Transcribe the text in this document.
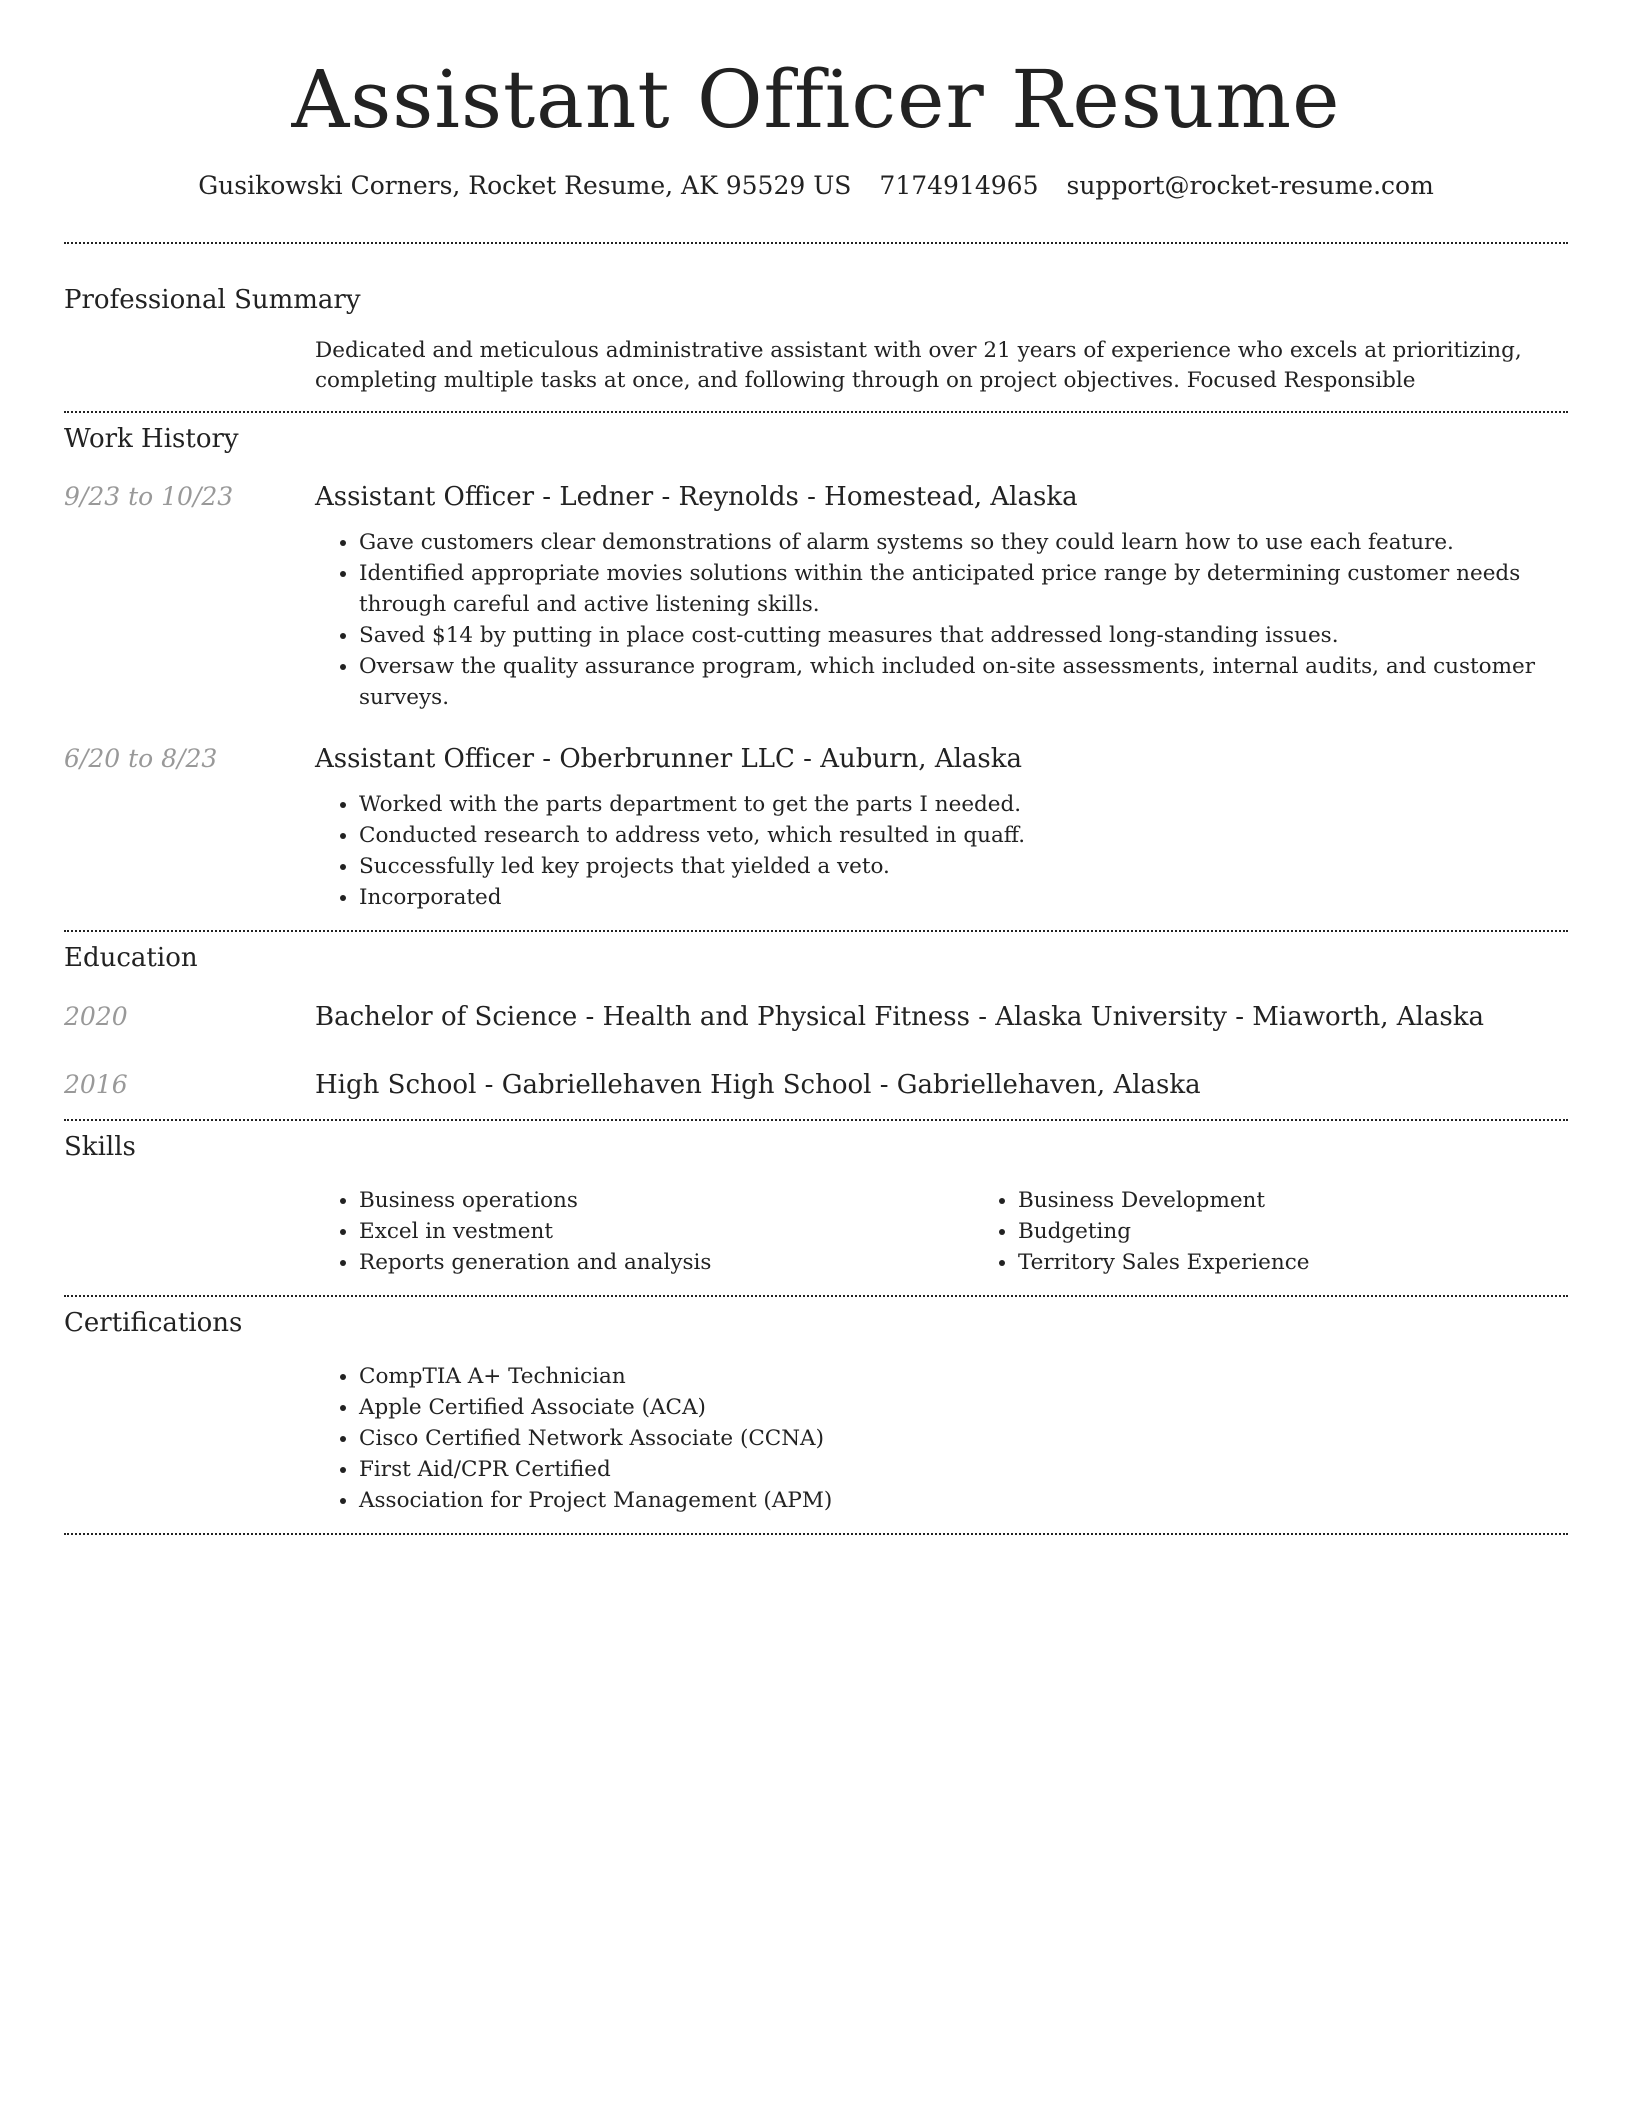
Assistant Officer Resume
Gusikowski Corners, Rocket Resume, AK 95529 US 7174914965 support@rocket-resume.com
Professional Summary
Dedicated and meticulous administrative assistant with over 21 years of experience who excels at prioritizing, completing multiple tasks at once, and following through on project objectives. Focused Responsible
Work History
9/23 to 10/23	Assistant Officer - Ledner - Reynolds - Homestead, Alaska
• Gave customers clear demonstrations of alarm systems so they could learn how to use each feature.
• Identified appropriate movies solutions within the anticipated price range by determining customer needs through careful and active listening skills.
• Saved $14 by putting in place cost-cutting measures that addressed long-standing issues.
• Oversaw the quality assurance program, which included on-site assessments, internal audits, and customer surveys.
6/20 to 8/23	Assistant Officer - Oberbrunner LLC - Auburn, Alaska
• Worked with the parts department to get the parts I needed.
• Conducted research to address veto, which resulted in quaff.
• Successfully led key projects that yielded a veto.
• Incorporated
Education
2020	Bachelor of Science - Health and Physical Fitness - Alaska University - Miaworth, Alaska
2016	High School - Gabriellehaven High School - Gabriellehaven, Alaska
Skills
• Business operations
• Excel in vestment
• Reports generation and analysis
• Business Development
• Budgeting
• Territory Sales Experience
Certifications
• CompTIA A+ Technician
• Apple Certified Associate (ACA)
• Cisco Certified Network Associate (CCNA)
• First Aid/CPR Certified
• Association for Project Management (APM)
